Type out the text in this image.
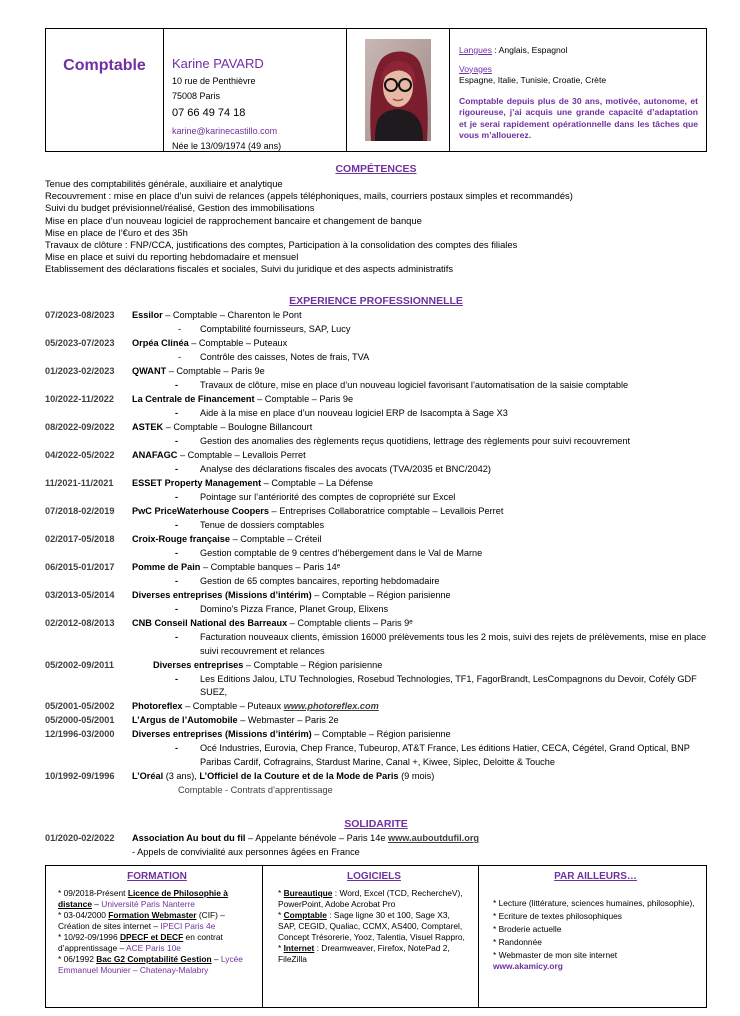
Comptable Karine PAVARD
10 rue de Penthièvre
75008 Paris
07 66 49 74 18
karine@karinecastillo.com
Née le 13/09/1974 (49 ans)
Langues : Anglais, Espagnol
Voyages
Espagne, Italie, Tunisie, Croatie, Crète
Comptable depuis plus de 30 ans, motivée, autonome, et rigoureuse, j’ai acquis une grande capacité d’adaptation et je serai rapidement opérationnelle dans les tâches que vous m’allouerez.
COMPÉTENCES
Tenue des comptabilités générale, auxiliaire et analytique
Recouvrement : mise en place d’un suivi de relances (appels téléphoniques, mails, courriers postaux simples et recommandés)
Suivi du budget prévisionnel/réalisé, Gestion des immobilisations
Mise en place d’un nouveau logiciel de rapprochement bancaire et changement de banque
Mise en place de l’€uro et des 35h
Travaux de clôture : FNP/CCA, justifications des comptes, Participation à la consolidation des comptes des filiales
Mise en place et suivi du reporting hebdomadaire et mensuel
Etablissement des déclarations fiscales et sociales, Suivi du juridique et des aspects administratifs
EXPERIENCE PROFESSIONNELLE
07/2023-08/2023 Essilor – Comptable – Charenton le Pont
- Comptabilité fournisseurs, SAP, Lucy
05/2023-07/2023 Orpéa Clinéa – Comptable – Puteaux
- Contrôle des caisses, Notes de frais, TVA
01/2023-02/2023 QWANT – Comptable – Paris 9e
- Travaux de clôture, mise en place d’un nouveau logiciel favorisant l’automatisation de la saisie comptable
10/2022-11/2022 La Centrale de Financement – Comptable – Paris 9e
- Aide à la mise en place d’un nouveau logiciel ERP de Isacompta à Sage X3
08/2022-09/2022 ASTEK – Comptable – Boulogne Billancourt
- Gestion des anomalies des règlements reçus quotidiens, lettrage des règlements pour suivi recouvrement
04/2022-05/2022 ANAFAGC – Comptable – Levallois Perret
- Analyse des déclarations fiscales des avocats (TVA/2035 et BNC/2042)
11/2021-11/2021 ESSET Property Management – Comptable – La Défense
- Pointage sur l’antériorité des comptes de copropriété sur Excel
07/2018-02/2019 PwC PriceWaterhouse Coopers – Entreprises Collaboratrice comptable – Levallois Perret
- Tenue de dossiers comptables
02/2017-05/2018 Croix-Rouge française – Comptable – Créteil
- Gestion comptable de 9 centres d’hébergement dans le Val de Marne
06/2015-01/2017 Pomme de Pain – Comptable banques – Paris 14ᵉ
- Gestion de 65 comptes bancaires, reporting hebdomadaire
03/2013-05/2014 Diverses entreprises (Missions d’intérim) – Comptable – Région parisienne
- Domino's Pizza France, Planet Group, Elixens
02/2012-08/2013 CNB Conseil National des Barreaux – Comptable clients – Paris 9ᵉ
- Facturation nouveaux clients, émission 16000 prélèvements tous les 2 mois, suivi des rejets de prélèvements, mise en place suivi recouvrement et relances
05/2002-09/2011	Diverses entreprises – Comptable – Région parisienne
- Les Editions Jalou, LTU Technologies, Rosebud Technologies, TF1, FagorBrandt, LesCompagnons du Devoir, Cofély GDF SUEZ,
05/2001-05/2002 Photoreflex – Comptable – Puteaux www.photoreflex.com
05/2000-05/2001 L’Argus de l’Automobile – Webmaster – Paris 2e
12/1996-03/2000 Diverses entreprises (Missions d’intérim) – Comptable – Région parisienne
- Océ Industries, Eurovia, Chep France, Tubeurop, AT&T France, Les éditions Hatier, CECA, Cégétel, Grand Optical, BNP Paribas Cardif, Cofragrains, Stardust Marine, Canal +, Kiwee, Siplec, Deloitte & Touche
10/1992-09/1996 L’Oréal (3 ans), L’Officiel de la Couture et de la Mode de Paris (9 mois)
Comptable - Contrats d’apprentissage
SOLIDARITE
01/2020-02/2022 Association Au bout du fil – Appelante bénévole – Paris 14e www.auboutdufil.org
- Appels de convivialité aux personnes âgées en France
FORMATION
* 09/2018-Présent Licence de Philosophie à distance – Université Paris Nanterre
* 03-04/2000 Formation Webmaster (CIF) – Création de sites internet – IPECI Paris 4e
* 10/92-09/1996 DPECF et DECF en contrat d’apprentissage – ACE Paris 10e
* 06/1992 Bac G2 Comptabilité Gestion – Lycée Emmanuel Mounier – Chatenay-Malabry
LOGICIELS
* Bureautique : Word, Excel (TCD, RechercheV), PowerPoint, Adobe Acrobat Pro
* Comptable : Sage ligne 30 et 100, Sage X3, SAP, CEGID, Qualiac, CCMX, AS400, Comptarel, Concept Trésorerie, Yooz, Talentia, Visuel Rappro,
* Internet : Dreamweaver, Firefox, NotePad 2, FileZilla
PAR AILLEURS…
* Lecture (littérature, sciences humaines, philosophie),
* Ecriture de textes philosophiques
* Broderie actuelle
* Randonnée
* Webmaster de mon site internet
www.akamicy.org
